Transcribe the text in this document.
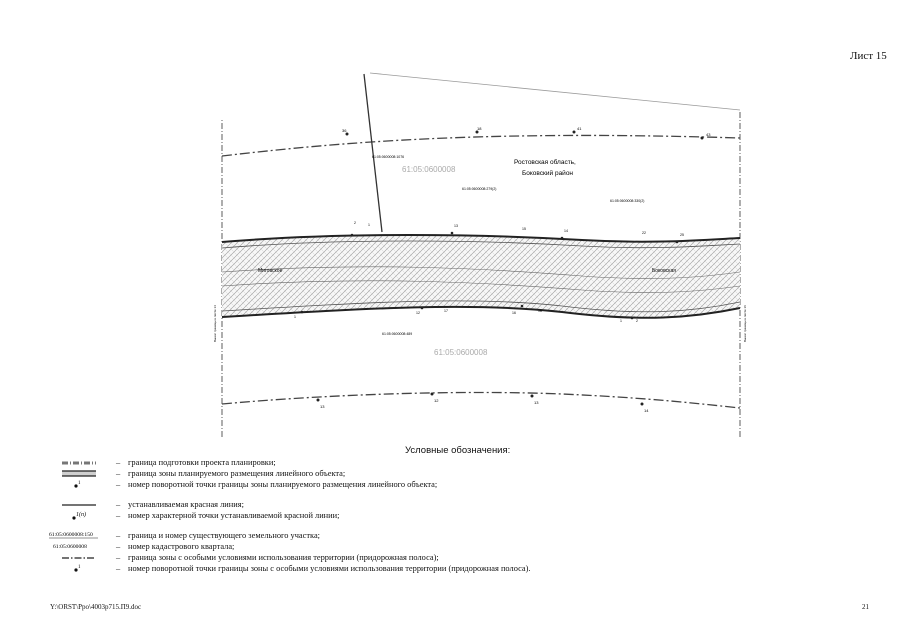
Лист 15
Ростовская область,
Боковский район
61:05:0600008
61:05:0600008
61:05:0600008:1076
61:05:0600008:279(2)
61:05:0600008:330(2)
61:05:0600008:489
Миговское	Боковская
Вынос границы в листе 14	Вынос границы в листе 16
36	18	41
43
13
12	13
14
2	1	13
15	14	22	25
1
12	17	16	18
1	2
Условные обозначения:
– граница подготовки проекта планировки;
– граница зоны планируемого размещения линейного объекта;
1	– номер поворотной точки границы зоны планируемого размещения линейного объекта;
– устанавливаемая красная линия;
1(п)	– номер характерной точки устанавливаемой красной линии;
61:05:0600008:150	– граница и номер существующего земельного участка;
61:05:0600008	– номер кадастрового квартала;
– граница зоны с особыми условиями использования территории (придорожная полоса);
1	– номер поворотной точки границы зоны с особыми условиями использования территории (придорожная полоса).
Y:\ORST\Ppo\4003p715.П9.doc	21
